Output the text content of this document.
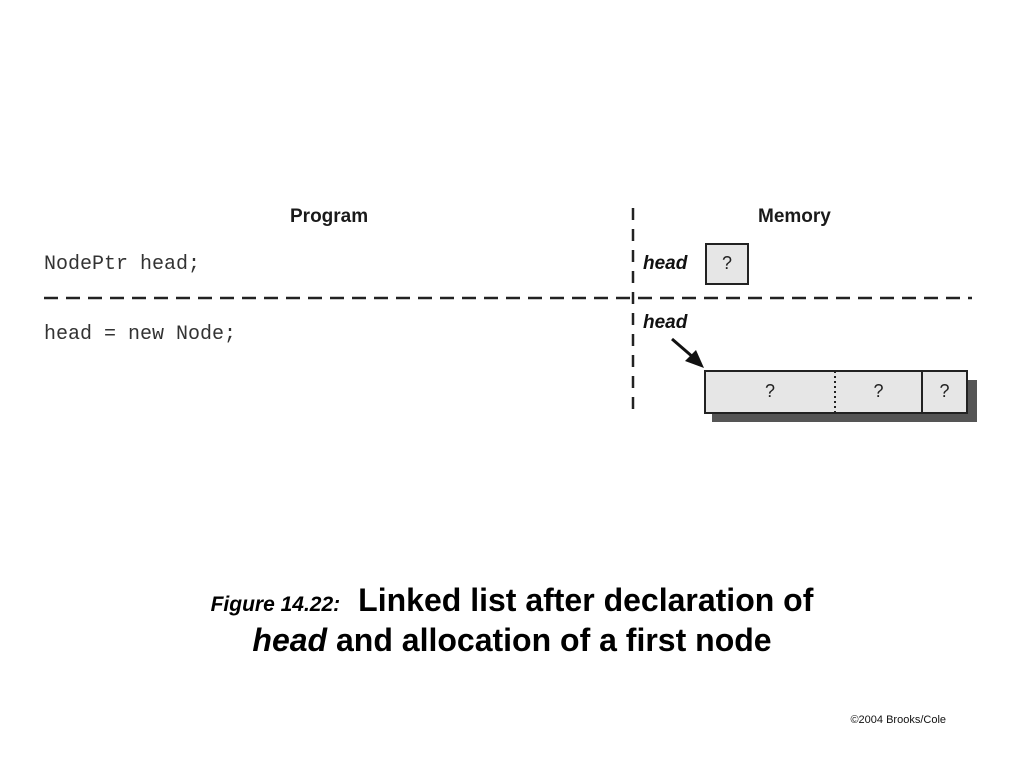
Program	Memory
NodePtr head;
head = new Node;
head
head
?
?	?	?
Figure 14.22: Linked list after declaration of
head and allocation of a first node
©2004 Brooks/Cole
